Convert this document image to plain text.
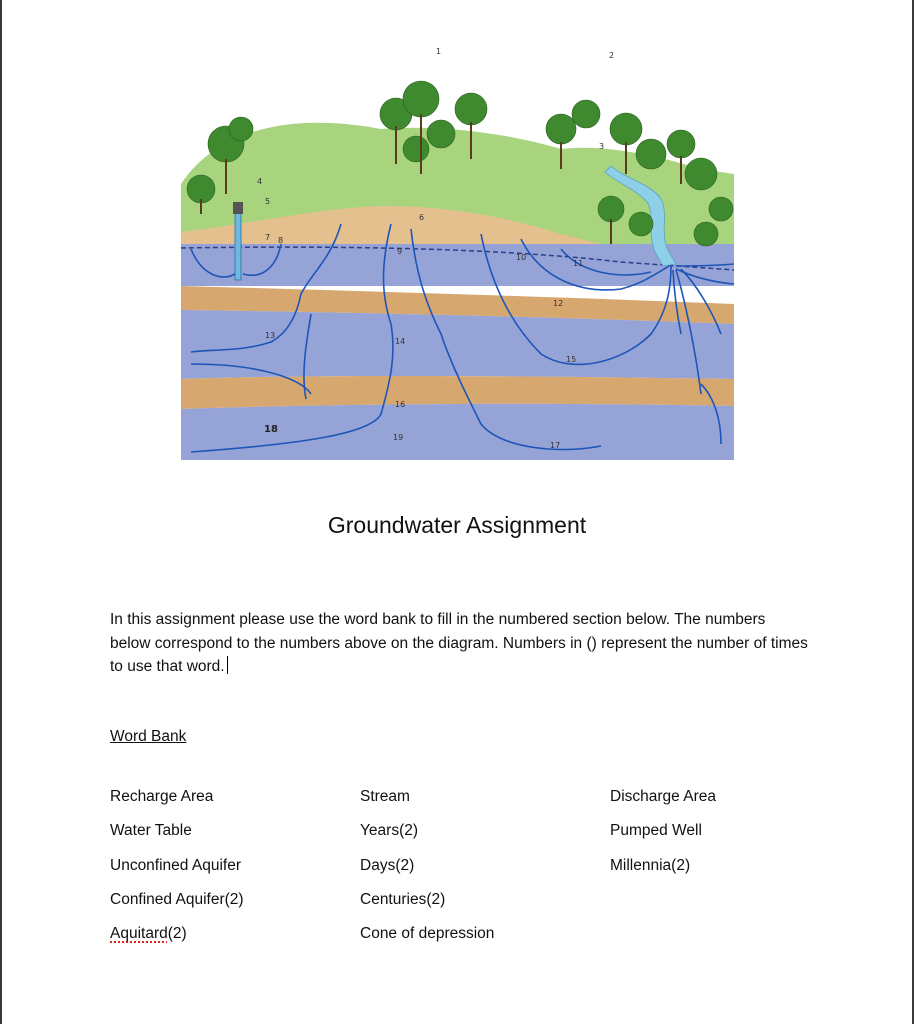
1	2
3
4
5
6
7 8
9
10
11
12
13
14
15
16
17
18
19
Groundwater Assignment
In this assignment please use the word bank to fill in the numbered section below. The numbers below correspond to the numbers above on the diagram. Numbers in () represent the number of times to use that word.
Word Bank
Recharge Area
Water Table
Unconfined Aquifer
Confined Aquifer(2)
Aquitard(2)
Stream
Years(2)
Days(2)
Centuries(2)
Cone of depression
Discharge Area
Pumped Well
Millennia(2)
